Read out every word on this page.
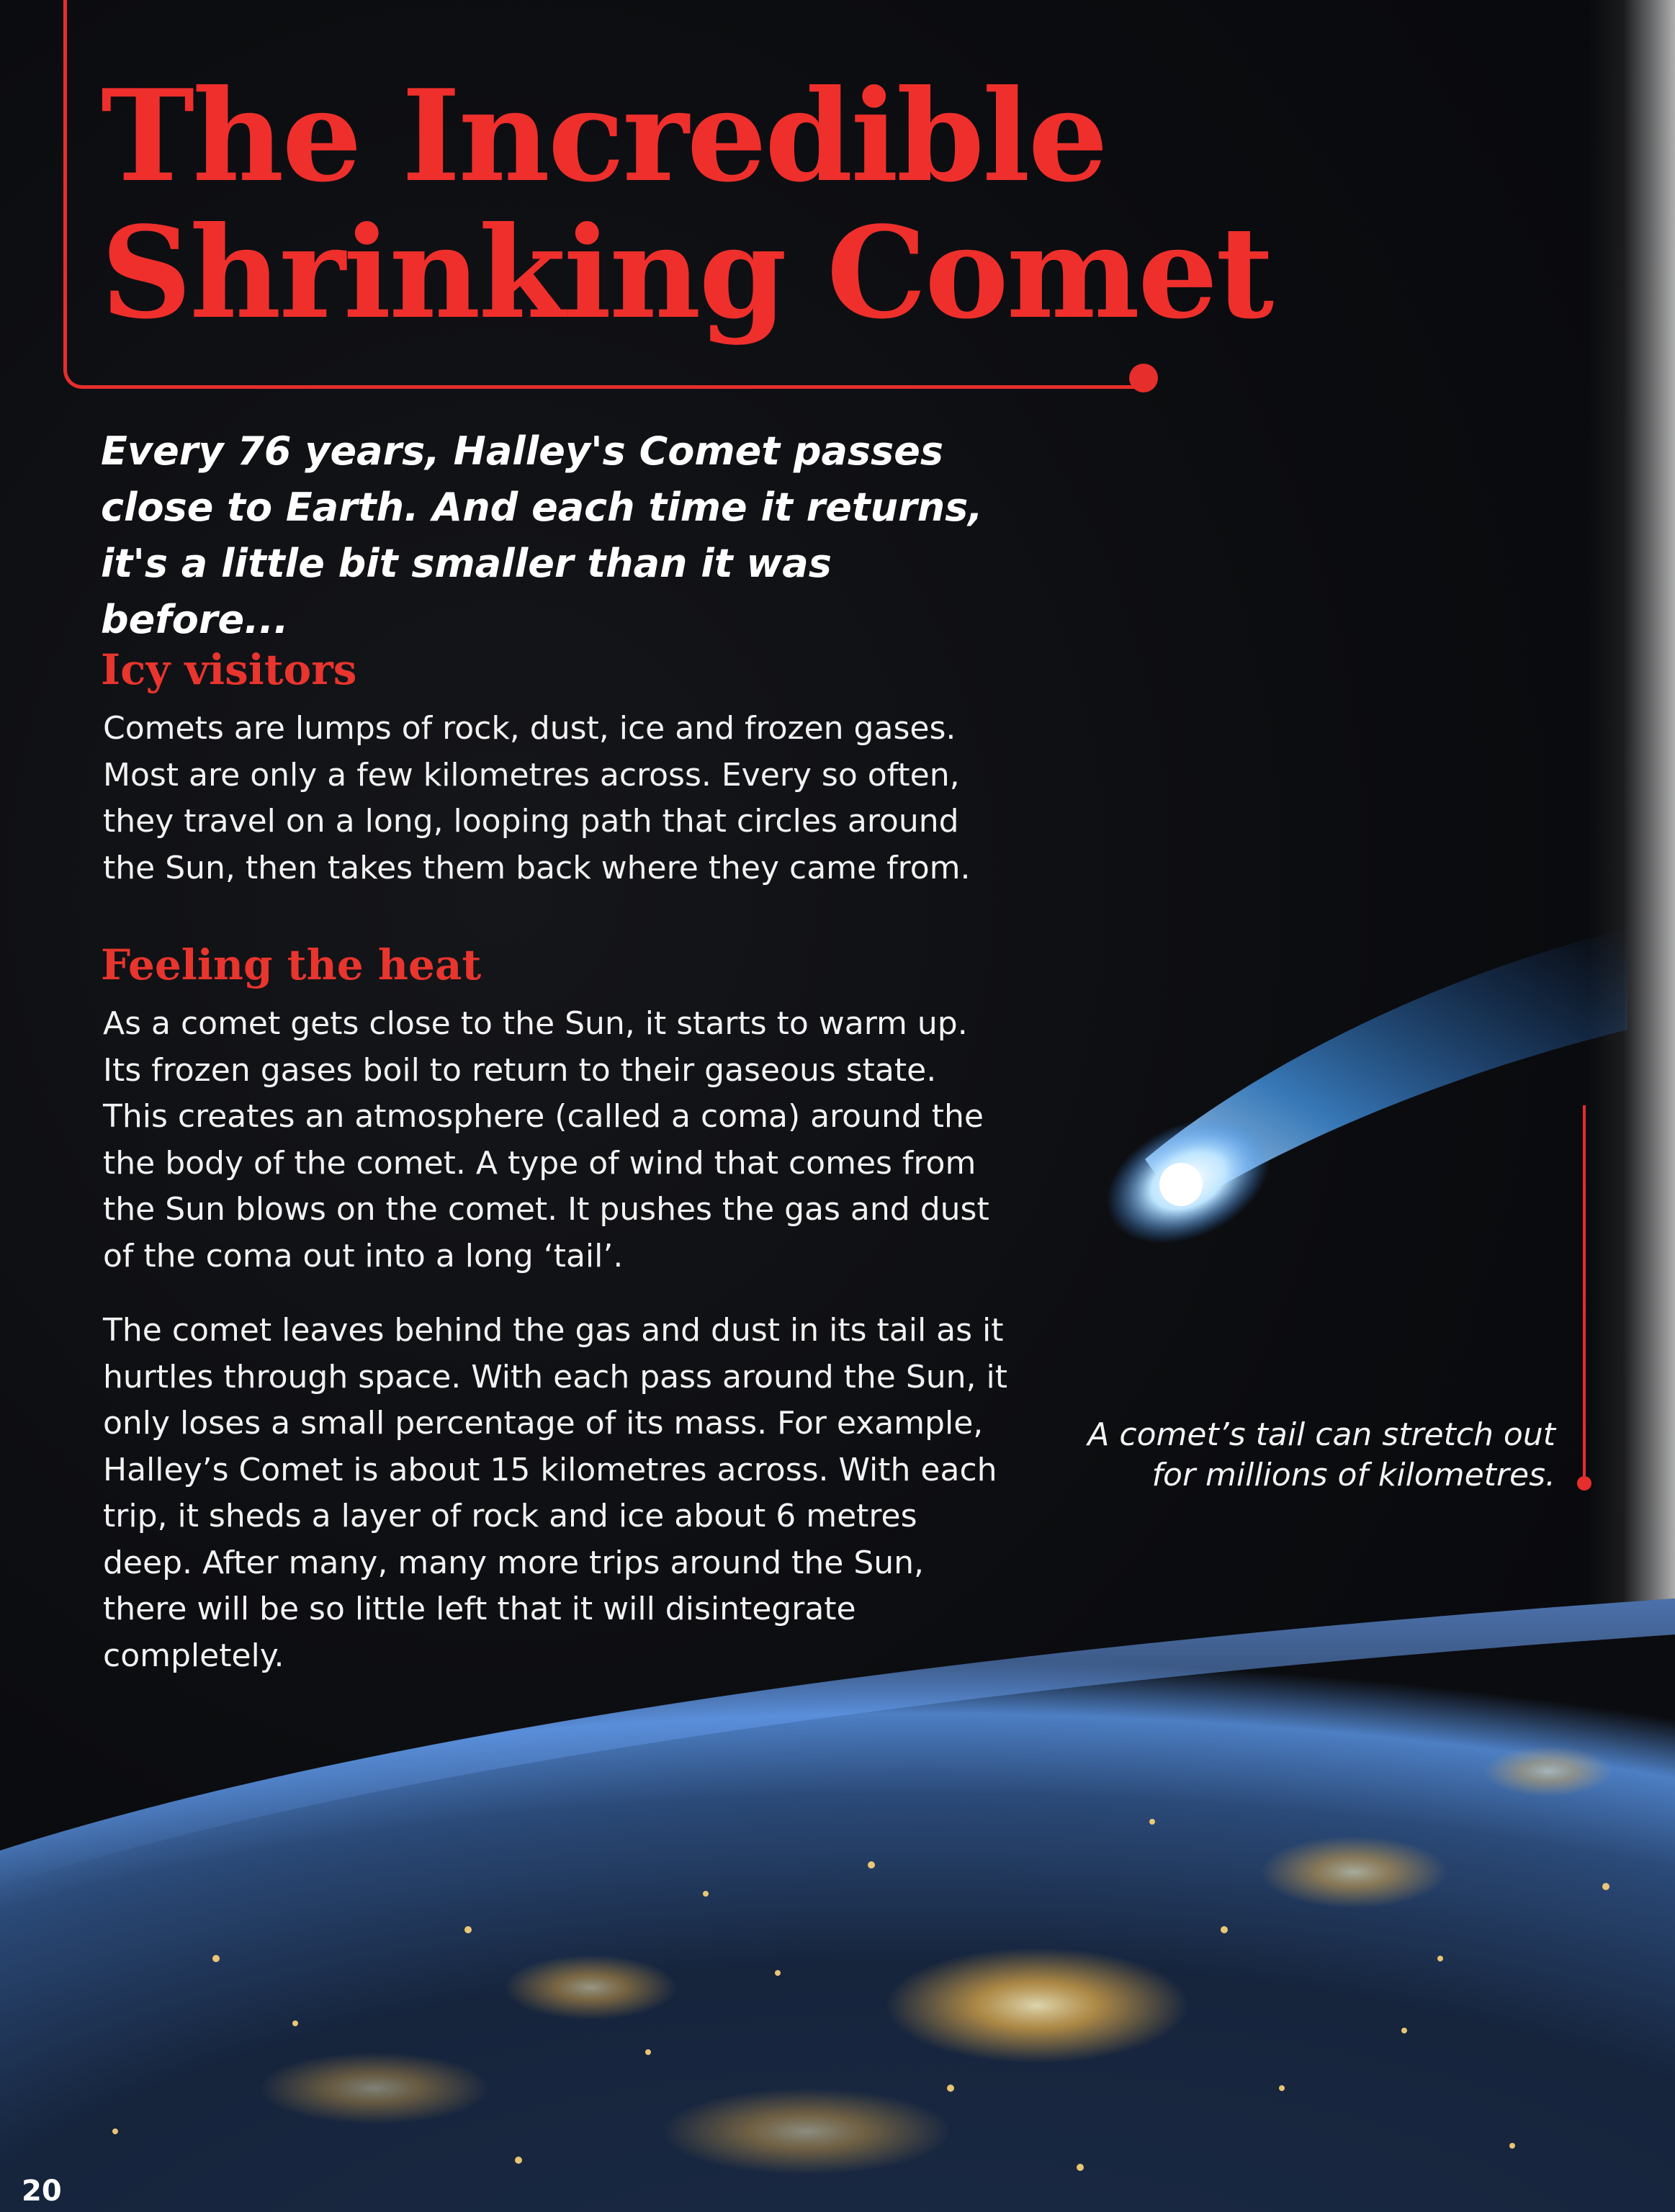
The Incredible
Shrinking Comet

Every 76 years, Halley's Comet passes close to Earth. And each time it returns, it's a little bit smaller than it was before...

Icy visitors

Comets are lumps of rock, dust, ice and frozen gases. Most are only a few kilometres across. Every so often, they travel on a long, looping path that circles around the Sun, then takes them back where they came from.

Feeling the heat

As a comet gets close to the Sun, it starts to warm up. Its frozen gases boil to return to their gaseous state. This creates an atmosphere (called a coma) around the the body of the comet. A type of wind that comes from the Sun blows on the comet. It pushes the gas and dust of the coma out into a long ‘tail’.

The comet leaves behind the gas and dust in its tail as it hurtles through space. With each pass around the Sun, it only loses a small percentage of its mass. For example, Halley’s Comet is about 15 kilometres across. With each trip, it sheds a layer of rock and ice about 6 metres deep. After many, many more trips around the Sun, there will be so little left that it will disintegrate completely.

A comet’s tail can stretch out for millions of kilometres.

20
